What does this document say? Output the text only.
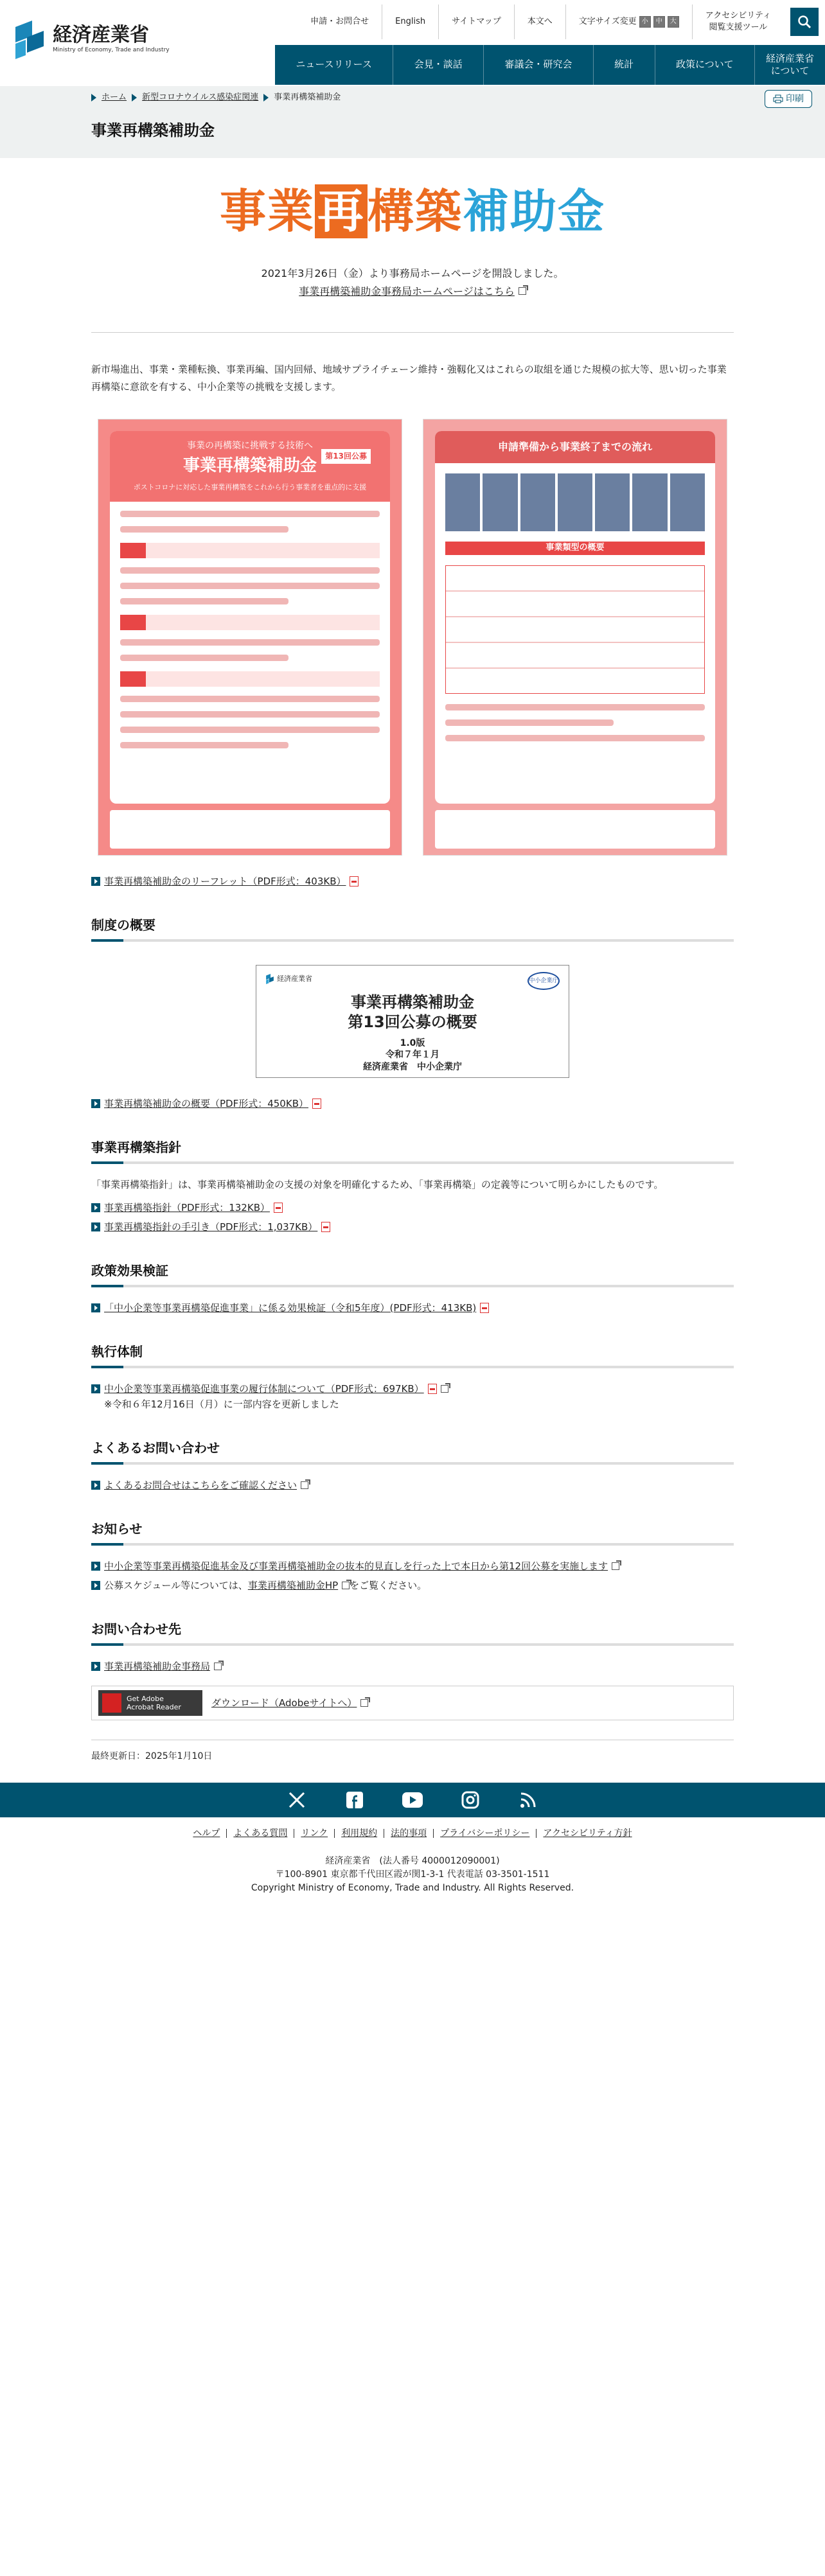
経済産業省
Ministry of Economy, Trade and Industry
申請・お問合せ	English	サイトマップ	本文へ	文字サイズ変更 小	中	大
アクセシビリティ
閲覧支援ツール
ニュースリリース	会見・談話	審議会・研究会	統計	政策について
経済産業省について
ホーム 新型コロナウイルス感染症関連 事業再構築補助金	印刷
事業再構築補助金
事業再構築補助金
2021年3月26日（金）より事務局ホームページを開設しました。
事業再構築補助金事務局ホームページはこちら

新市場進出、事業・業種転換、事業再編、国内回帰、地域サプライチェーン維持・強靱化又はこれらの取組を通じた規模の拡大等、思い切った事業再構築に意欲を有する、中小企業等の挑戦を支援します。

事業の再構築に挑戦する技術へ
第13回公募
事業再構築補助金
ポストコロナに対応した事業再構築をこれから行う事業者を重点的に支援
申請準備から事業終了までの流れ
事業類型の概要
事業再構築補助金のリーフレット（PDF形式：403KB）
制度の概要
経済産業省	中小企業庁
事業再構築補助金
第13回公募の概要
1.0版
令和７年１月
経済産業省　中小企業庁
事業再構築補助金の概要（PDF形式：450KB）
事業再構築指針

「事業再構築指針」は、事業再構築補助金の支援の対象を明確化するため、「事業再構築」の定義等について明らかにしたものです。

事業再構築指針（PDF形式：132KB）
事業再構築指針の手引き（PDF形式：1,037KB）
政策効果検証
「中小企業等事業再構築促進事業」に係る効果検証（令和5年度）(PDF形式：413KB)
執行体制
中小企業等事業再構築促進事業の履行体制について（PDF形式：697KB）
※令和６年12月16日（月）に一部内容を更新しました
よくあるお問い合わせ
よくあるお問合せはこちらをご確認ください
お知らせ
中小企業等事業再構築促進基金及び事業再構築補助金の抜本的見直しを行った上で本日から第12回公募を実施します
公募スケジュール等については、 事業再構築補助金HP をご覧ください。
お問い合わせ先
事業再構築補助金事務局
Get Adobe
Acrobat Reader	ダウンロード（Adobeサイトへ）
最終更新日：2025年1月10日
ヘルプ	よくある質問	リンク	利用規約	法的事項	プライバシーポリシー	アクセシビリティ方針
経済産業省　(法人番号 4000012090001)
〒100-8901 東京都千代田区霞が関1-3-1 代表電話 03-3501-1511
Copyright Ministry of Economy, Trade and Industry. All Rights Reserved.
